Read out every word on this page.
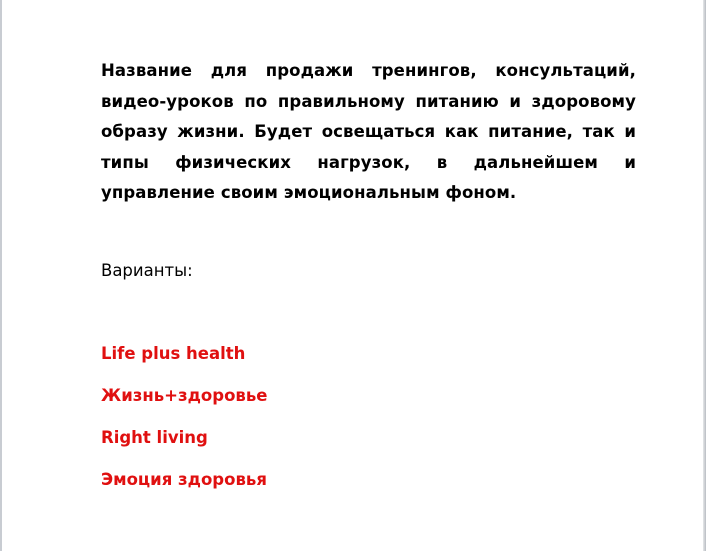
Название для продажи тренингов, консультаций, видео-уроков по правильному питанию и здоровому образу жизни. Будет освещаться как питание, так и типы физических нагрузок, в дальнейшем и управление своим эмоциональным фоном.

Варианты:

Life plus health
Жизнь+здоровье
Right living
Эмоция здоровья
